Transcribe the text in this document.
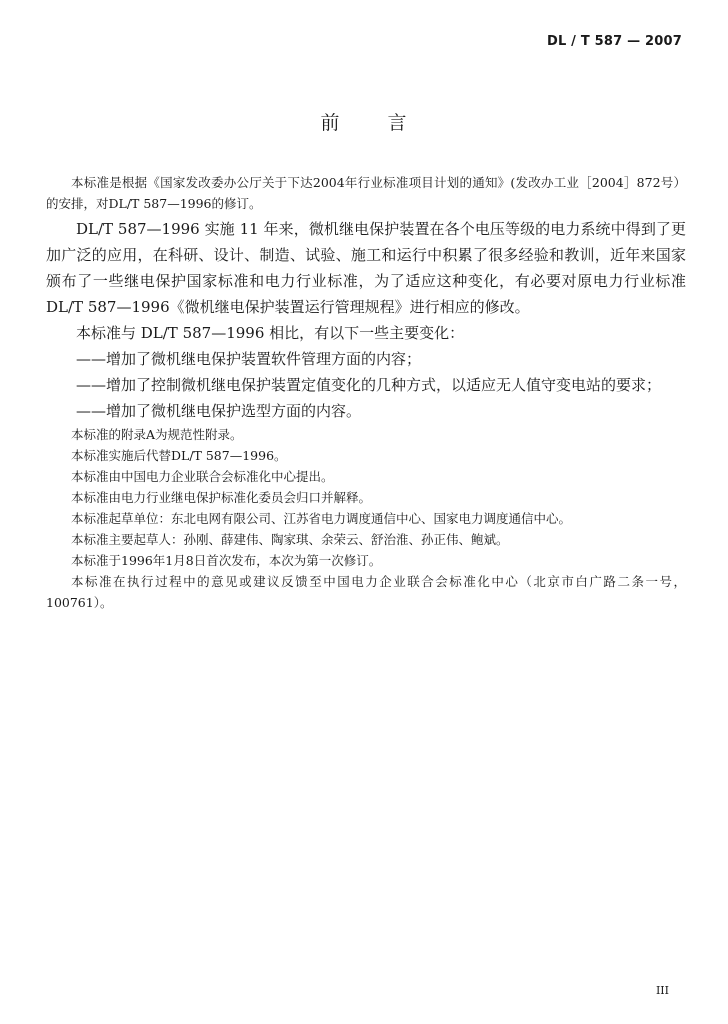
DL / T 587 — 2007
前 言

本标准是根据《国家发改委办公厅关于下达2004年行业标准项目计划的通知》(发改办工业［2004］872号）的安排，对DL/T 587—1996的修订。

DL/T 587—1996 实施 11 年来，微机继电保护装置在各个电压等级的电力系统中得到了更加广泛的应用，在科研、设计、制造、试验、施工和运行中积累了很多经验和教训，近年来国家颁布了一些继电保护国家标准和电力行业标准，为了适应这种变化，有必要对原电力行业标准 DL/T 587—1996《微机继电保护装置运行管理规程》进行相应的修改。

本标准与 DL/T 587—1996 相比，有以下一些主要变化：

——增加了微机继电保护装置软件管理方面的内容；

——增加了控制微机继电保护装置定值变化的几种方式，以适应无人值守变电站的要求；

——增加了微机继电保护选型方面的内容。

本标准的附录A为规范性附录。

本标准实施后代替DL/T 587—1996。

本标准由中国电力企业联合会标准化中心提出。

本标准由电力行业继电保护标准化委员会归口并解释。

本标准起草单位：东北电网有限公司、江苏省电力调度通信中心、国家电力调度通信中心。

本标准主要起草人：孙刚、薛建伟、陶家琪、余荣云、舒治淮、孙正伟、鲍斌。

本标准于1996年1月8日首次发布，本次为第一次修订。

本标准在执行过程中的意见或建议反馈至中国电力企业联合会标准化中心（北京市白广路二条一号，100761）。

III
